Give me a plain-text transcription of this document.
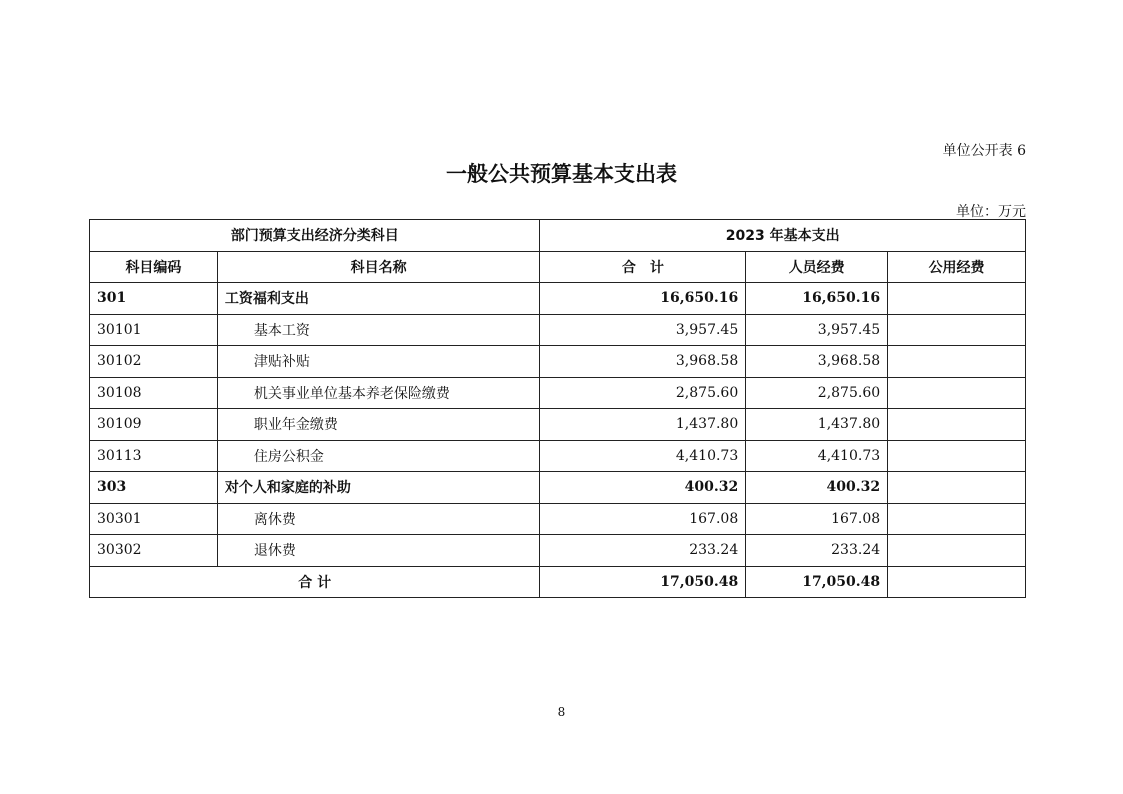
单位公开表 6
一般公共预算基本支出表
单位：万元
部门预算支出经济分类科目		2023 年基本支出		
科目编码	科目名称	合　计	人员经费	公用经费
301	工资福利支出	16,650.16	16,650.16	
30101	基本工资	3,957.45	3,957.45	
30102	津贴补贴	3,968.58	3,968.58	
30108	机关事业单位基本养老保险缴费	2,875.60	2,875.60	
30109	职业年金缴费	1,437.80	1,437.80	
30113	住房公积金	4,410.73	4,410.73	
303	对个人和家庭的补助	400.32	400.32	
30301	离休费	167.08	167.08	
30302	退休费	233.24	233.24	
合 计		17,050.48	17,050.48	
8
